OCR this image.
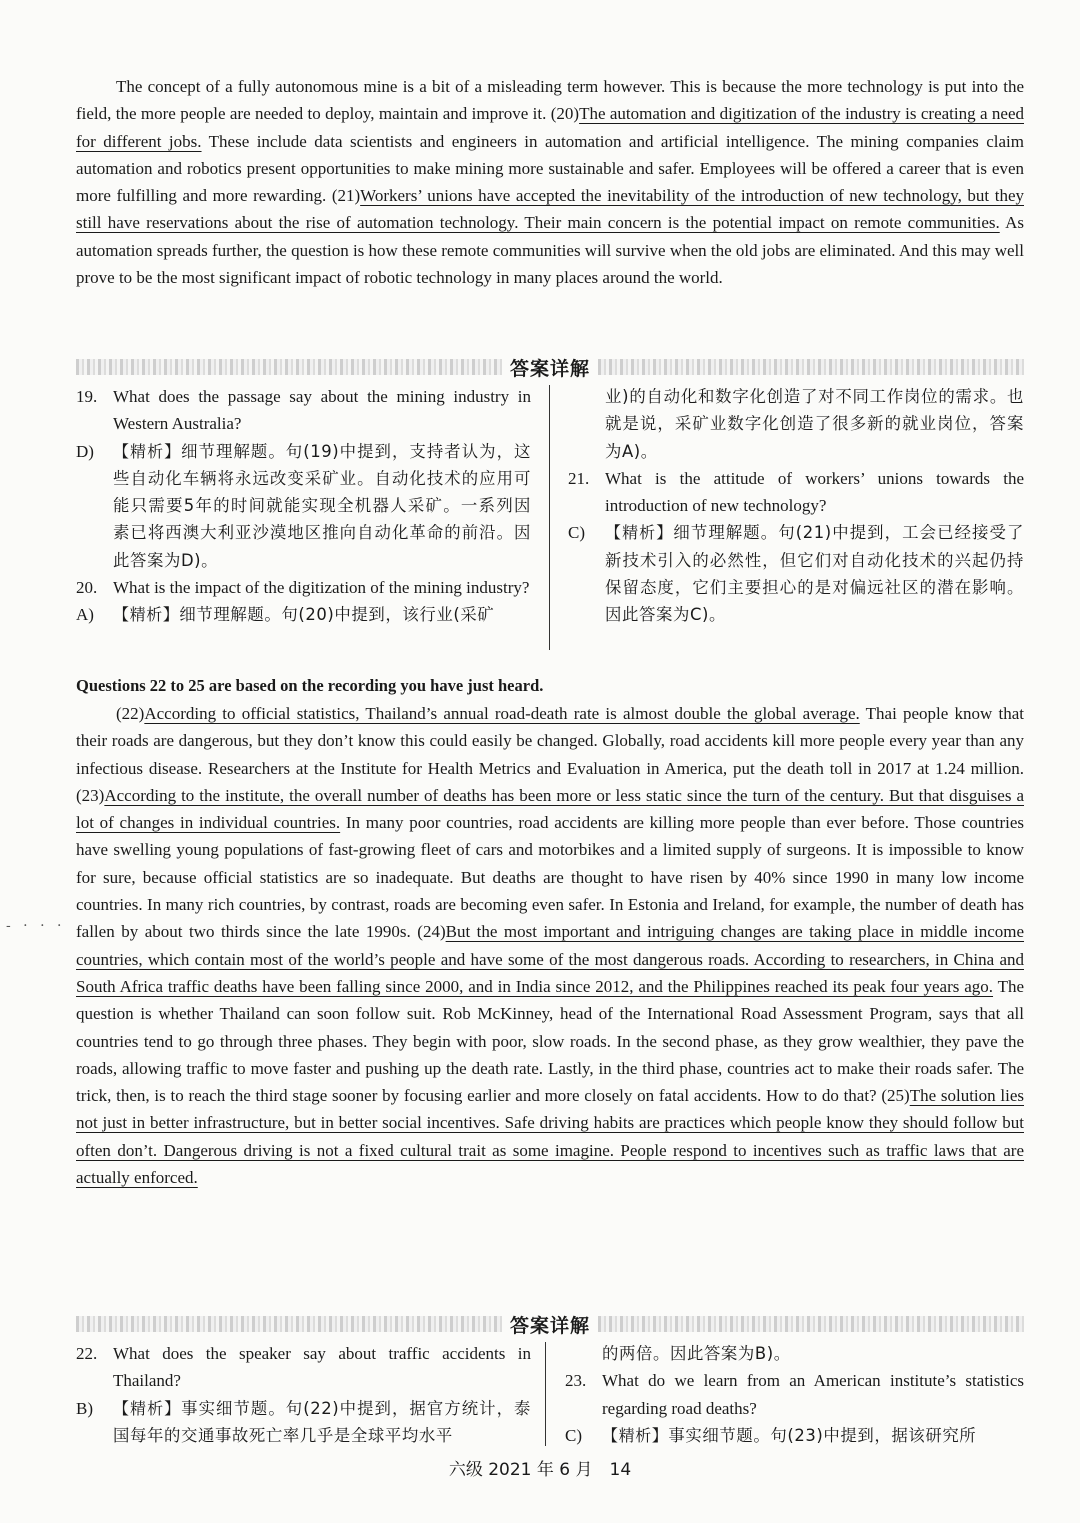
The concept of a fully autonomous mine is a bit of a misleading term however. This is because the more technology is put into the field, the more people are needed to deploy, maintain and improve it. (20)The automation and digitization of the industry is creating a need for different jobs. These include data scientists and engineers in automation and artificial intelligence. The mining companies claim automation and robotics present opportunities to make mining more sustainable and safer. Employees will be offered a career that is even more fulfilling and more rewarding. (21)Workers’ unions have accepted the inevitability of the introduction of new technology, but they still have reservations about the rise of automation technology. Their main concern is the potential impact on remote communities. As automation spreads further, the question is how these remote communities will survive when the old jobs are eliminated. And this may well prove to be the most significant impact of robotic technology in many places around the world.

答案详解
19. What does the passage say about the mining industry in Western Australia?
D)	【精析】细节理解题。句(19)中提到，支持者认为，这些自动化车辆将永远改变采矿业。自动化技术的应用可能只需要5年的时间就能实现全机器人采矿。一系列因素已将西澳大利亚沙漠地区推向自动化革命的前沿。因此答案为D)。
20. What is the impact of the digitization of the mining industry?
A)	【精析】细节理解题。句(20)中提到，该行业(采矿
业)的自动化和数字化创造了对不同工作岗位的需求。也就是说，采矿业数字化创造了很多新的就业岗位，答案为A)。
21. What is the attitude of workers’ unions towards the introduction of new technology?
C)	【精析】细节理解题。句(21)中提到，工会已经接受了新技术引入的必然性，但它们对自动化技术的兴起仍持保留态度，它们主要担心的是对偏远社区的潜在影响。因此答案为C)。
Questions 22 to 25 are based on the recording you have just heard.

(22)According to official statistics, Thailand’s annual road-death rate is almost double the global average. Thai people know that their roads are dangerous, but they don’t know this could easily be changed. Globally, road accidents kill more people every year than any infectious disease. Researchers at the Institute for Health Metrics and Evaluation in America, put the death toll in 2017 at 1.24 million. (23)According to the institute, the overall number of deaths has been more or less static since the turn of the century. But that disguises a lot of changes in individual countries. In many poor countries, road accidents are killing more people than ever before. Those countries have swelling young populations of fast-growing fleet of cars and motorbikes and a limited supply of surgeons. It is impossible to know for sure, because official statistics are so inadequate. But deaths are thought to have risen by 40% since 1990 in many low income countries. In many rich countries, by contrast, roads are becoming even safer. In Estonia and Ireland, for example, the number of death has fallen by about two thirds since the late 1990s. (24)But the most important and intriguing changes are taking place in middle income countries, which contain most of the world’s people and have some of the most dangerous roads. According to researchers, in China and South Africa traffic deaths have been falling since 2000, and in India since 2012, and the Philippines reached its peak four years ago. The question is whether Thailand can soon follow suit. Rob McKinney, head of the International Road Assessment Program, says that all countries tend to go through three phases. They begin with poor, slow roads. In the second phase, as they grow wealthier, they pave the roads, allowing traffic to move faster and pushing up the death rate. Lastly, in the third phase, countries act to make their roads safer. The trick, then, is to reach the third stage sooner by focusing earlier and more closely on fatal accidents. How to do that? (25)The solution lies not just in better infrastructure, but in better social incentives. Safe driving habits are practices which people know they should follow but often don’t. Dangerous driving is not a fixed cultural trait as some imagine. People respond to incentives such as traffic laws that are actually enforced.

答案详解
22. What does the speaker say about traffic accidents in Thailand?
B)	【精析】事实细节题。句(22)中提到，据官方统计，泰国每年的交通事故死亡率几乎是全球平均水平
的两倍。因此答案为B)。
23. What do we learn from an American institute’s statistics regarding road deaths?
C)	【精析】事实细节题。句(23)中提到，据该研究所
六级 2021 年 6 月　14
- · · ·
